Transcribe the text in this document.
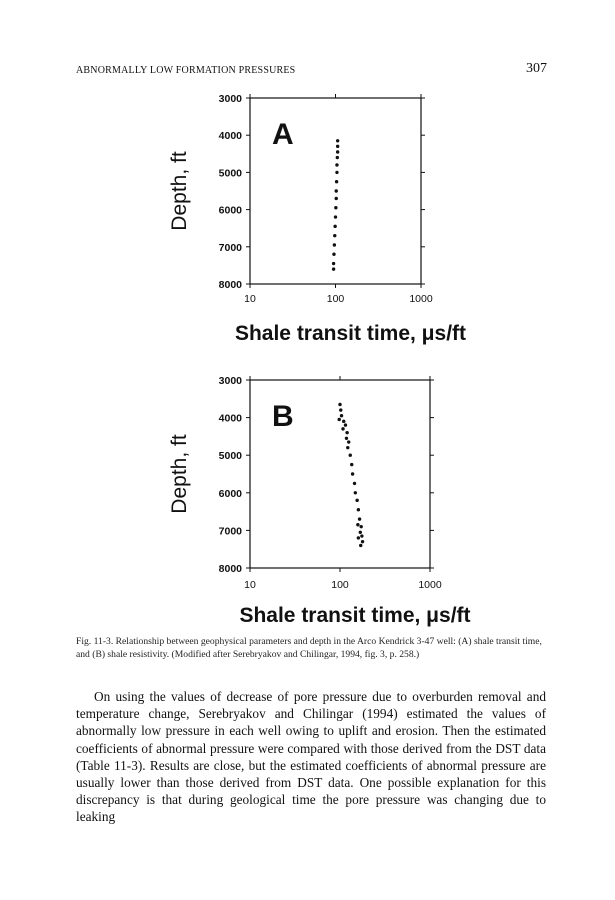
ABNORMALLY LOW FORMATION PRESSURES	307
3000
4000
5000
6000
7000
8000
10	100	1000
A
Depth, ft
Shale transit time, μs/ft
3000
4000
5000
6000
7000
8000
10	100	1000
B
Depth, ft
Shale transit time, μs/ft
Fig. 11-3. Relationship between geophysical parameters and depth in the Arco Kendrick 3-47 well: (A) shale transit time, and (B) shale resistivity. (Modified after Serebryakov and Chilingar, 1994, fig. 3, p. 258.)

On using the values of decrease of pore pressure due to overburden removal and temperature change, Serebryakov and Chilingar (1994) estimated the values of abnormally low pressure in each well owing to uplift and erosion. Then the estimated coefficients of abnormal pressure were compared with those derived from the DST data (Table 11-3). Results are close, but the estimated coefficients of abnormal pressure are usually lower than those derived from DST data. One possible explanation for this discrepancy is that during geological time the pore pressure was changing due to leaking
